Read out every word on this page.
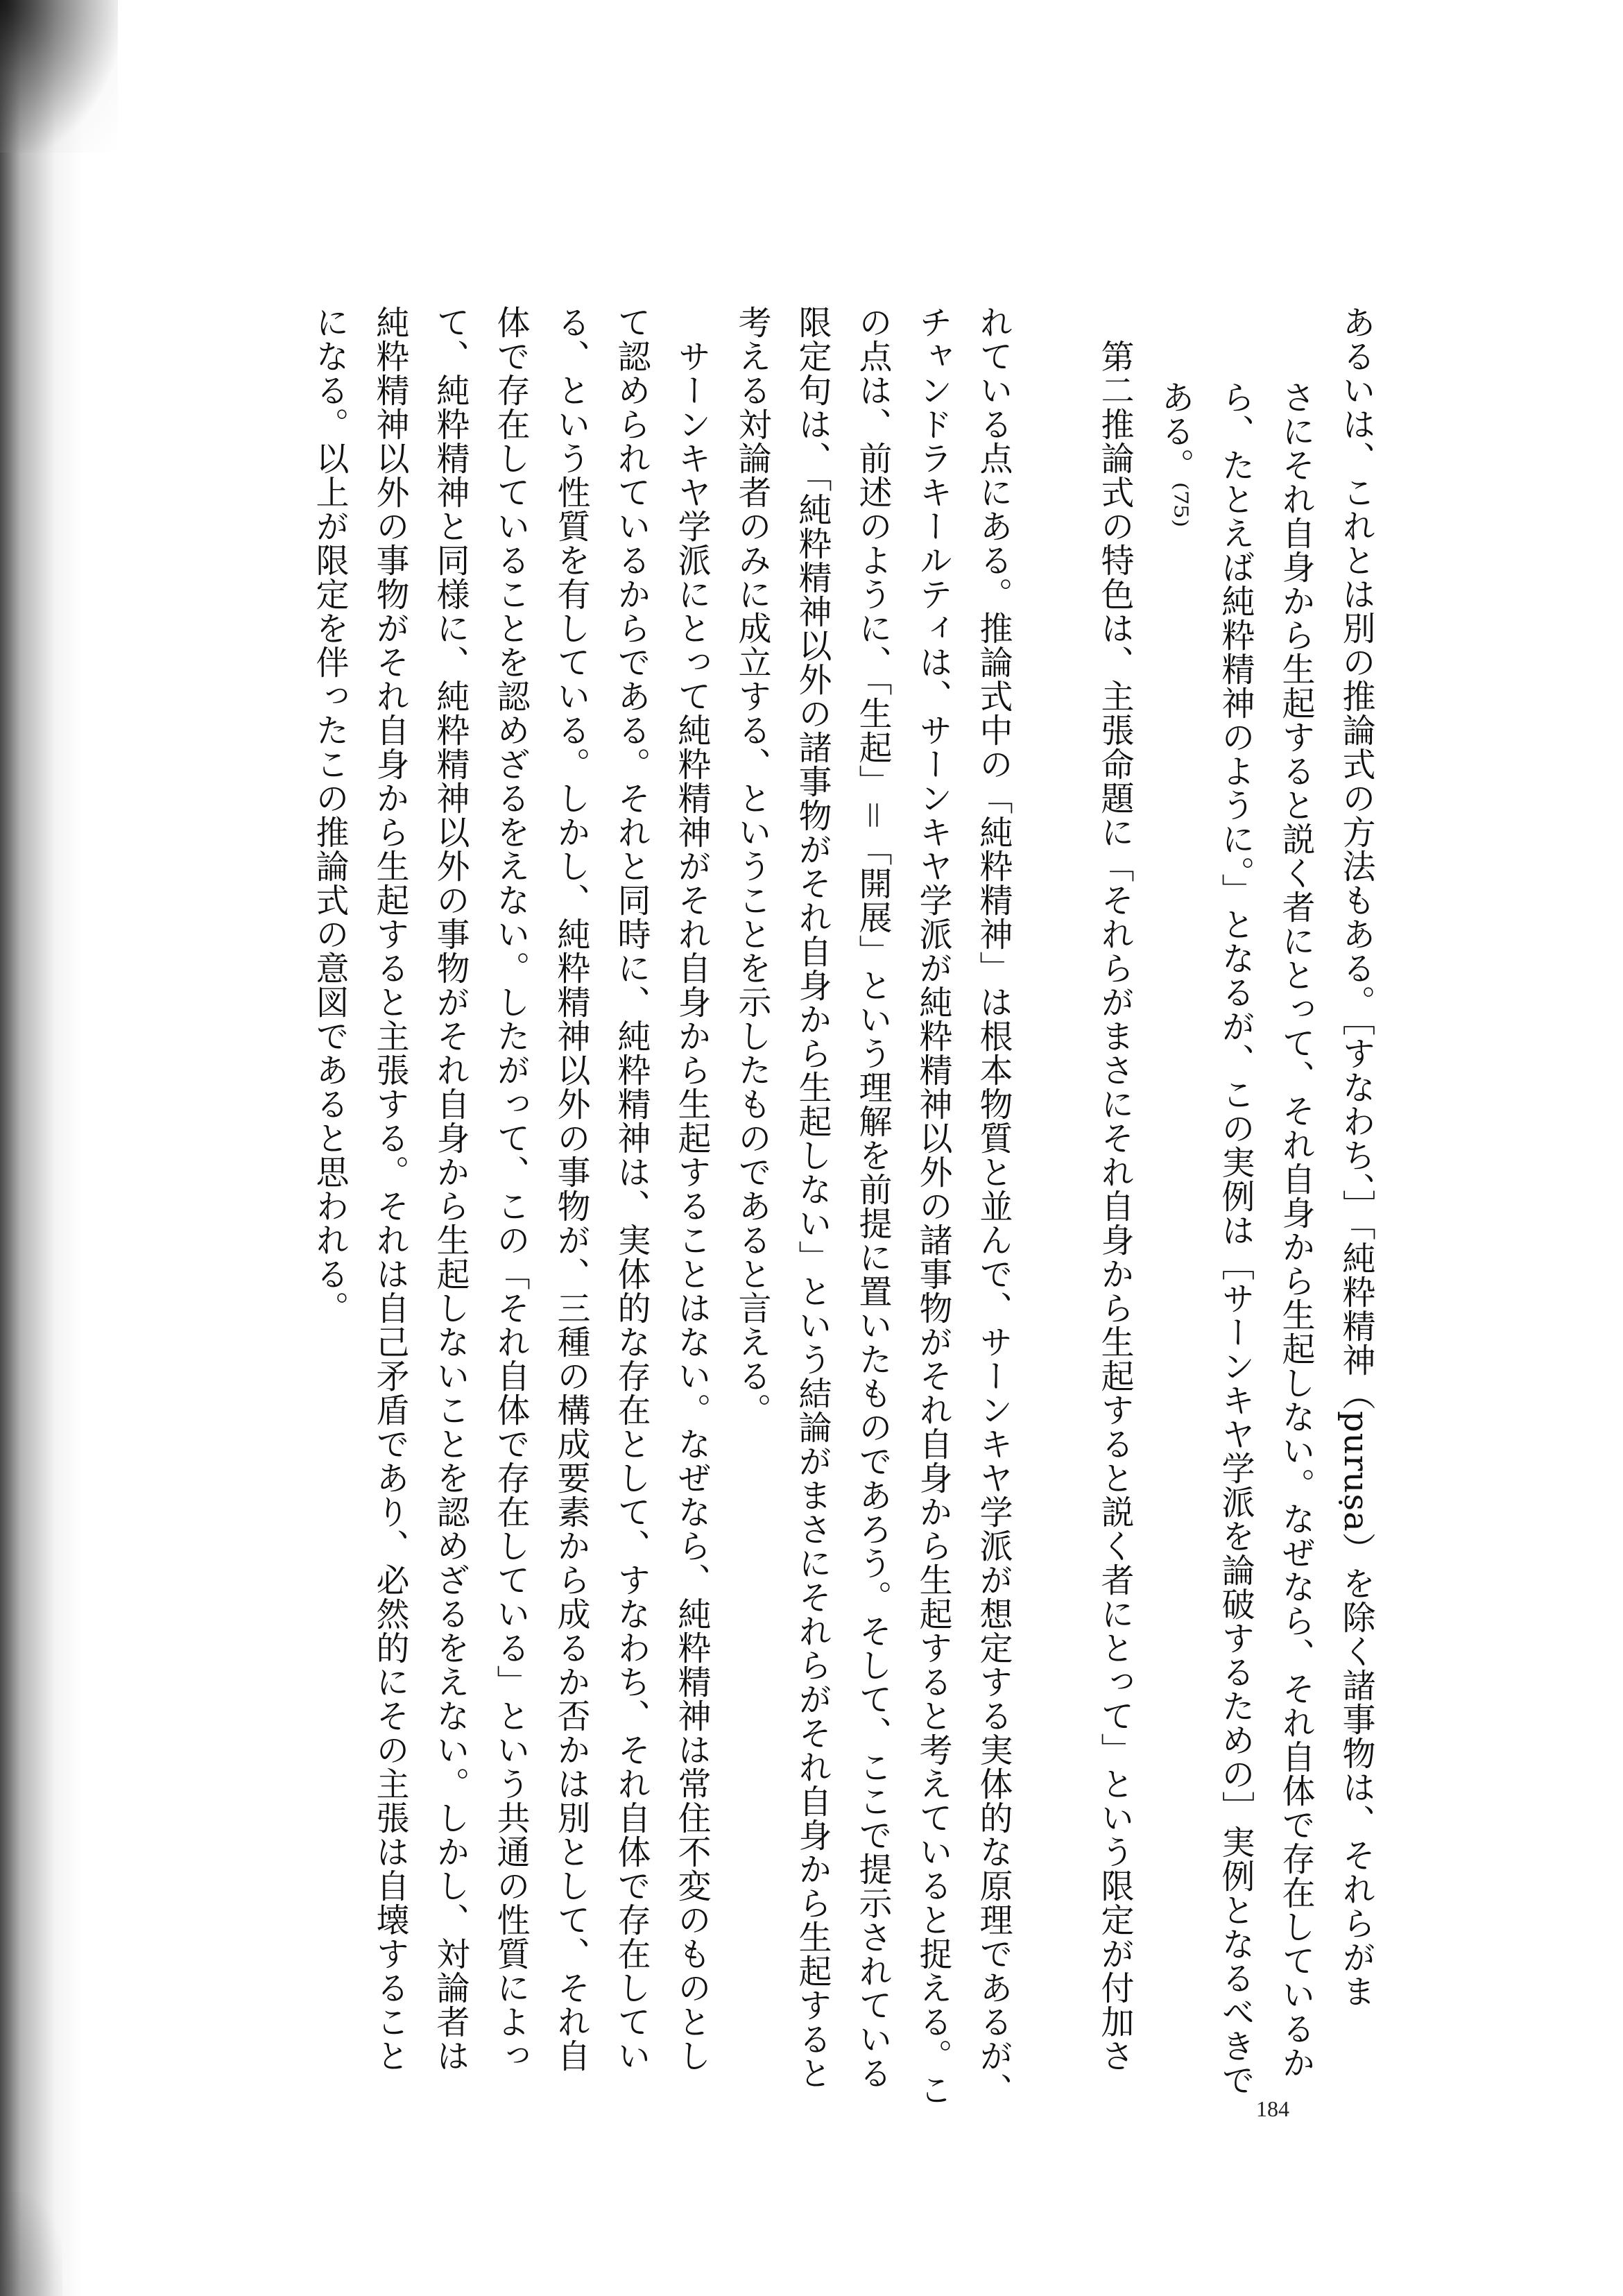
あるいは、これとは別の推論式の方法もある。［すなわち、］「純粋精神（puruṣa）を除く諸事物は、それらがま
さにそれ自身から生起すると説く者にとって、それ自身から生起しない。なぜなら、それ自体で存在しているか
ら、たとえば純粋精神のように。」となるが、この実例は［サーンキヤ学派を論破するための］実例となるべきで
ある。⁽⁷⁵⁾
　第二推論式の特色は、主張命題に「それらがまさにそれ自身から生起すると説く者にとって」という限定が付加さ
れている点にある。推論式中の「純粋精神」は根本物質と並んで、サーンキヤ学派が想定する実体的な原理であるが、
チャンドラキールティは、サーンキヤ学派が純粋精神以外の諸事物がそれ自身から生起すると考えていると捉える。こ
の点は、前述のように、「生起」＝「開展」という理解を前提に置いたものであろう。そして、ここで提示されている
限定句は、「純粋精神以外の諸事物がそれ自身から生起しない」という結論がまさにそれらがそれ自身から生起すると
考える対論者のみに成立する、ということを示したものであると言える。
　サーンキヤ学派にとって純粋精神がそれ自身から生起することはない。なぜなら、純粋精神は常住不変のものとし
て認められているからである。それと同時に、純粋精神は、実体的な存在として、すなわち、それ自体で存在してい
る、という性質を有している。しかし、純粋精神以外の事物が、三種の構成要素から成るか否かは別として、それ自
体で存在していることを認めざるをえない。したがって、この「それ自体で存在している」という共通の性質によっ
て、純粋精神と同様に、純粋精神以外の事物がそれ自身から生起しないことを認めざるをえない。しかし、対論者は
純粋精神以外の事物がそれ自身から生起すると主張する。それは自己矛盾であり、必然的にその主張は自壊すること
になる。以上が限定を伴ったこの推論式の意図であると思われる。
184
